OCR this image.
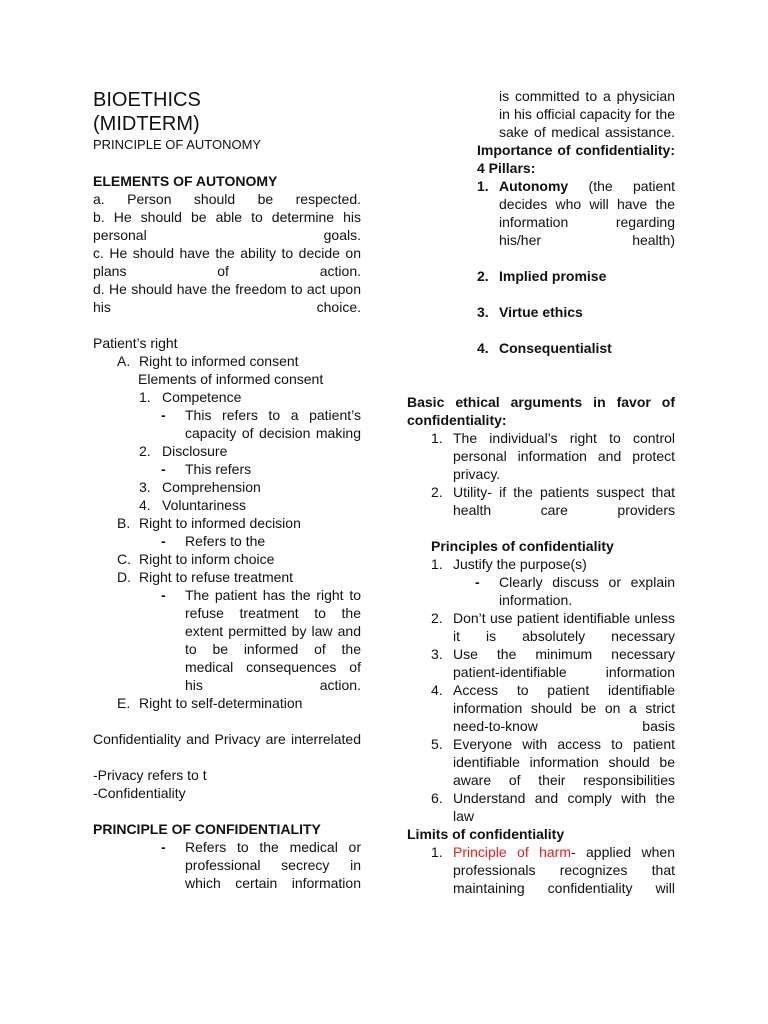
BIOETHICS

(MIDTERM)

PRINCIPLE OF AUTONOMY

ELEMENTS OF AUTONOMY

a. Person should be respected.

b. He should be able to determine his personal goals.

c. He should have the ability to decide on plans of action.

d. He should have the freedom to act upon his choice.

Patient’s right

A. Right to informed consent

Elements of informed consent

1. Competence
- This refers to a patient’s capacity of decision making

2. Disclosure
- This refers
3. Comprehension
4. Voluntariness
B. Right to informed decision
- Refers to the
C. Right to inform choice
D. Right to refuse treatment
- The patient has the right to refuse treatment to the extent permitted by law and to be informed of the medical consequences of his action.

E. Right to self-determination

Confidentiality and Privacy are interrelated

-Privacy refers to t

-Confidentiality

PRINCIPLE OF CONFIDENTIALITY

- Refers to the medical or professional secrecy in which certain information

is committed to a physician in his official capacity for the sake of medical assistance.

Importance of confidentiality:

4 Pillars:

1. Autonomy (the patient decides who will have the information regarding his/her health)

2. Implied promise
3. Virtue ethics
4. Consequentialist

Basic ethical arguments in favor of confidentiality:

1. The individual’s right to control personal information and protect privacy.

2. Utility- if the patients suspect that health care providers

Principles of confidentiality

1. Justify the purpose(s)
- Clearly discuss or explain information.

2. Don’t use patient identifiable unless it is absolutely necessary

3. Use the minimum necessary patient-identifiable information

4. Access to patient identifiable information should be on a strict need-to-know basis

5. Everyone with access to patient identifiable information should be aware of their responsibilities

6. Understand and comply with the law

Limits of confidentiality

1. Principle of harm- applied when professionals recognizes that maintaining confidentiality will
